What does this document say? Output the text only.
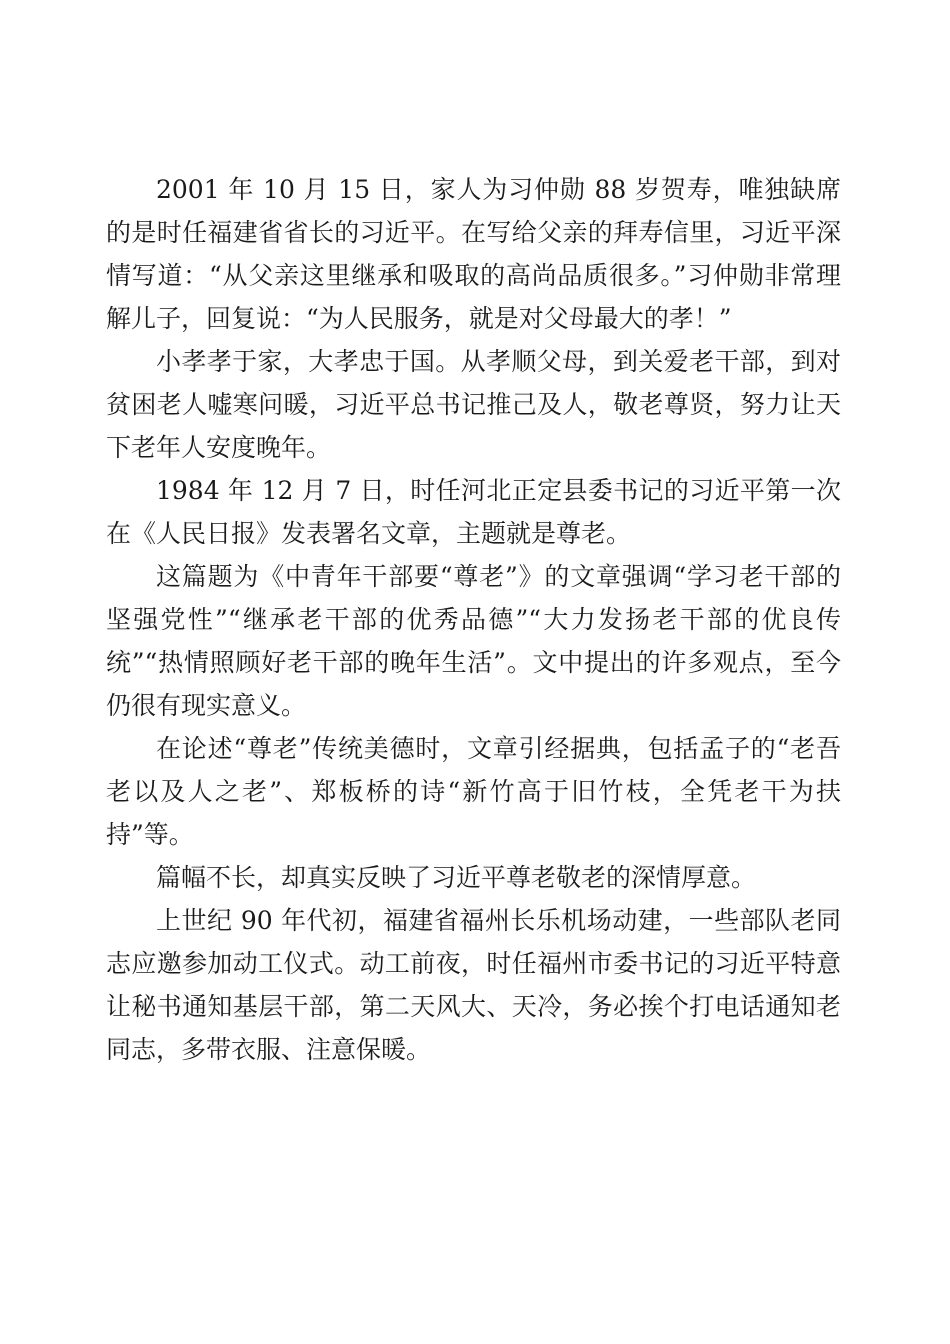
2001 年 10 月 15 日，家人为习仲勋 88 岁贺寿，唯独缺席的是时任福建省省长的习近平。在写给父亲的拜寿信里，习近平深情写道：“从父亲这里继承和吸取的高尚品质很多。”习仲勋非常理解儿子，回复说：“为人民服务，就是对父母最大的孝！”

小孝孝于家，大孝忠于国。从孝顺父母，到关爱老干部，到对贫困老人嘘寒问暖，习近平总书记推己及人，敬老尊贤，努力让天下老年人安度晚年。

1984 年 12 月 7 日，时任河北正定县委书记的习近平第一次在《人民日报》发表署名文章，主题就是尊老。

这篇题为《中青年干部要“尊老”》的文章强调“学习老干部的坚强党性”“继承老干部的优秀品德”“大力发扬老干部的优良传统”“热情照顾好老干部的晚年生活”。文中提出的许多观点，至今仍很有现实意义。

在论述“尊老”传统美德时，文章引经据典，包括孟子的“老吾老以及人之老”、郑板桥的诗“新竹高于旧竹枝，全凭老干为扶持”等。

篇幅不长，却真实反映了习近平尊老敬老的深情厚意。

上世纪 90 年代初，福建省福州长乐机场动建，一些部队老同志应邀参加动工仪式。动工前夜，时任福州市委书记的习近平特意让秘书通知基层干部，第二天风大、天冷，务必挨个打电话通知老同志，多带衣服、注意保暖。
